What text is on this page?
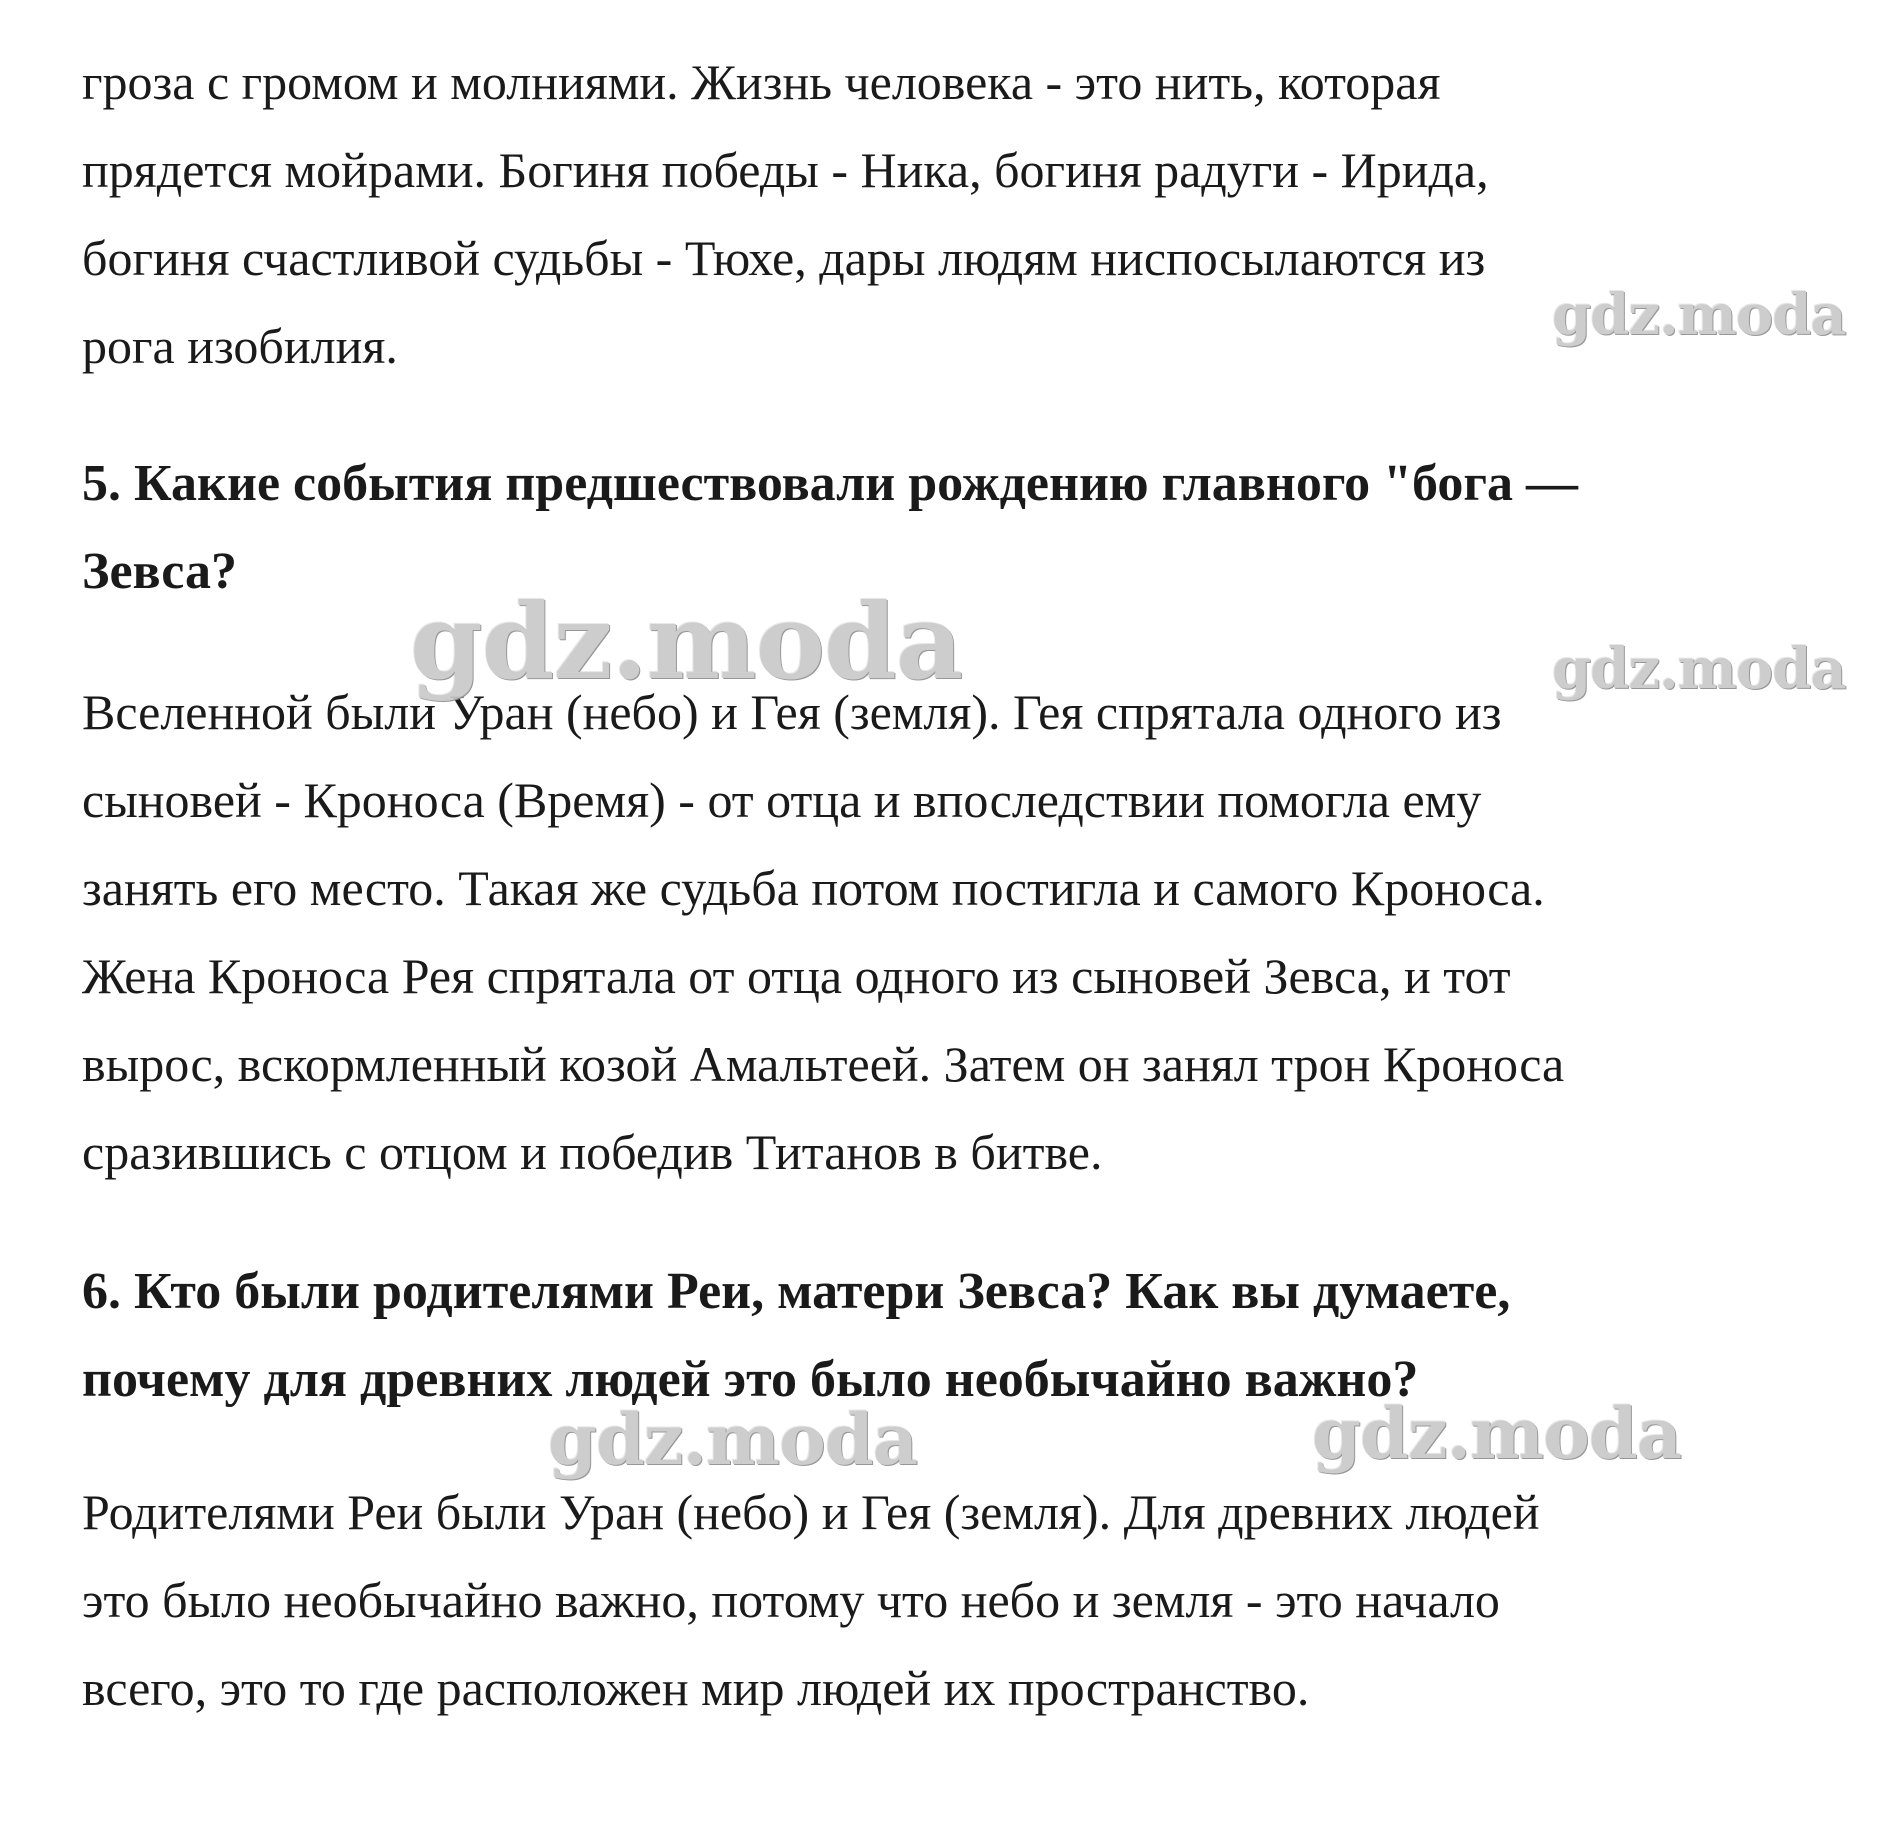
гроза с громом и молниями. Жизнь человека - это нить, которая
прядется мойрами. Богиня победы - Ника, богиня радуги - Ирида,
богиня счастливой судьбы - Тюхе, дары людям ниспосылаются из
рога изобилия.
5. Какие события предшествовали рождению главного "бога —
Зевса?
Вселенной были Уран (небо) и Гея (земля). Гея спрятала одного из
сыновей - Кроноса (Время) - от отца и впоследствии помогла ему
занять его место. Такая же судьба потом постигла и самого Кроноса.
Жена Кроноса Рея спрятала от отца одного из сыновей Зевса, и тот
вырос, вскормленный козой Амальтеей. Затем он занял трон Кроноса
сразившись с отцом и победив Титанов в битве.
6. Кто были родителями Реи, матери Зевса? Как вы думаете,
почему для древних людей это было необычайно важно?
Родителями Реи были Уран (небо) и Гея (земля). Для древних людей
это было необычайно важно, потому что небо и земля - это начало
всего, это то где расположен мир людей их пространство.
gdz.moda
gdz.moda	gdz.moda
gdz.moda	gdz.moda
